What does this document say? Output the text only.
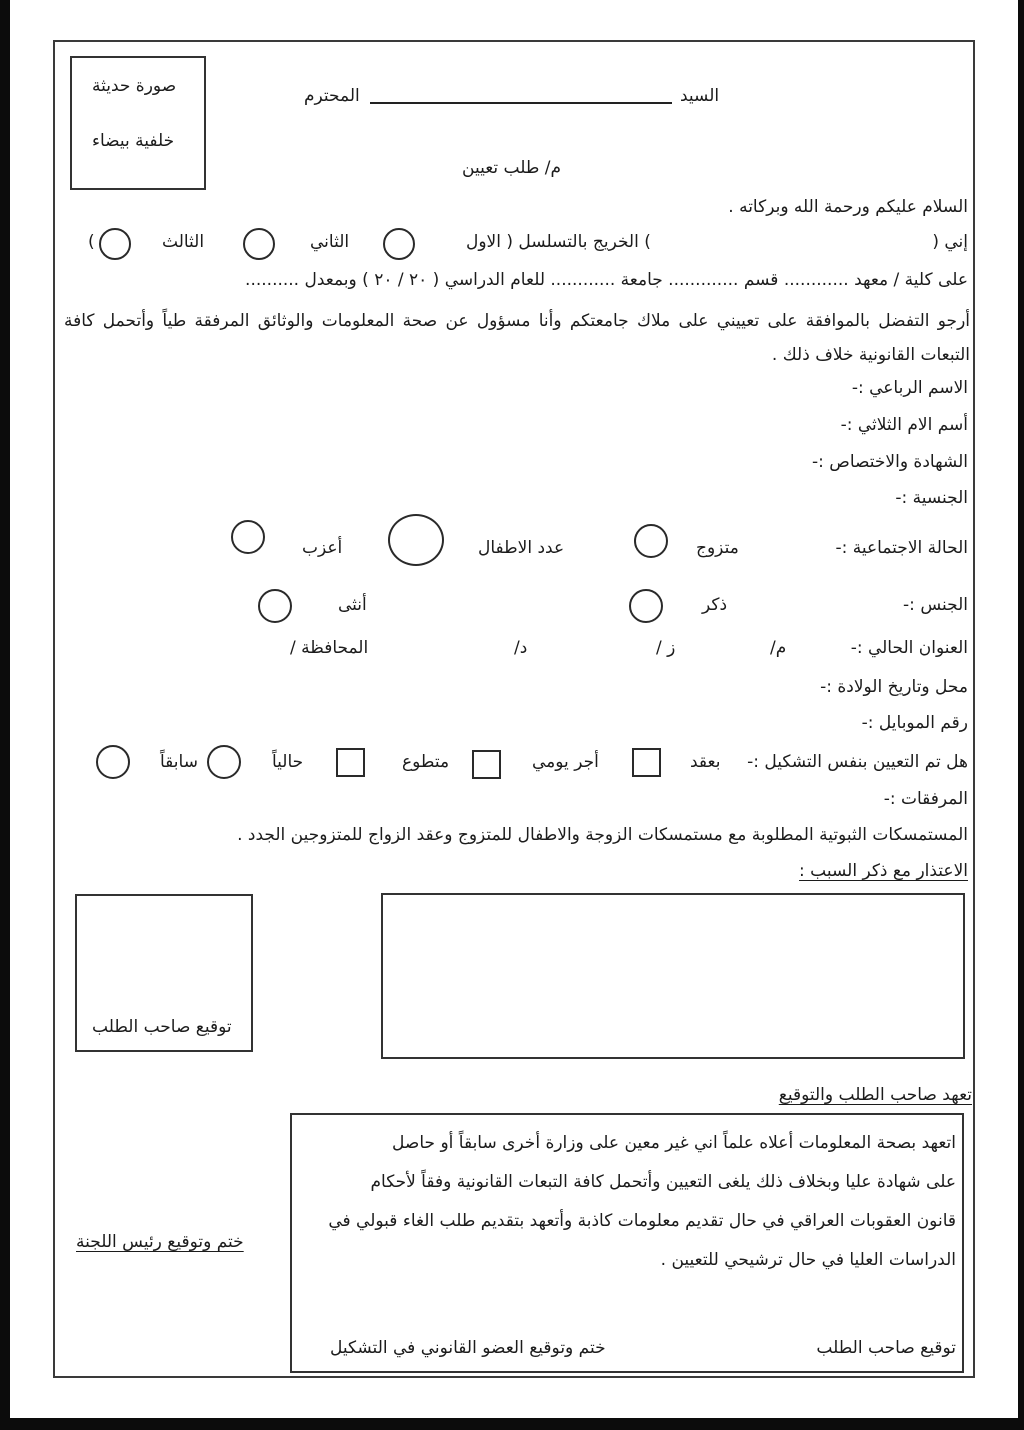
صورة حديثة
خلفية بيضاء
السيد
المحترم
م/ طلب تعيين
السلام عليكم ورحمة الله وبركاته .
إني (
) الخريج بالتسلسل ( الاول
الثاني
الثالث
)
على كلية / معهد ............ قسم ............. جامعة ............ للعام الدراسي ( ٢٠ / ٢٠ ) وبمعدل ..........
أرجو التفضل بالموافقة على تعييني على ملاك جامعتكم وأنا مسؤول عن صحة المعلومات والوثائق المرفقة طياً وأتحمل كافة التبعات القانونية خلاف ذلك .
الاسم الرباعي :-
أسم الام الثلاثي :-
الشهادة والاختصاص :-
الجنسية :-
الحالة الاجتماعية :-
متزوج
عدد الاطفال
أعزب
الجنس :-
ذكر
أنثى
العنوان الحالي :-
م/
ز /
د/
المحافظة /
محل وتاريخ الولادة :-
رقم الموبايل :-
هل تم التعيين بنفس التشكيل :-
بعقد
أجر يومي
متطوع
حالياً
سابقاً
المرفقات :-
المستمسكات الثبوتية المطلوبة مع مستمسكات الزوجة والاطفال للمتزوج وعقد الزواج للمتزوجين الجدد .
الاعتذار مع ذكر السبب :
توقيع صاحب الطلب
تعهد صاحب الطلب والتوقيع
اتعهد بصحة المعلومات أعلاه علماً اني غير معين على وزارة أخرى سابقاً أو حاصل
على شهادة عليا وبخلاف ذلك يلغى التعيين وأتحمل كافة التبعات القانونية وفقاً لأحكام
قانون العقوبات العراقي في حال تقديم معلومات كاذبة وأتعهد بتقديم طلب الغاء قبولي في
الدراسات العليا في حال ترشيحي للتعيين .
توقيع صاحب الطلب
ختم وتوقيع العضو القانوني في التشكيل
ختم وتوقيع رئيس اللجنة
